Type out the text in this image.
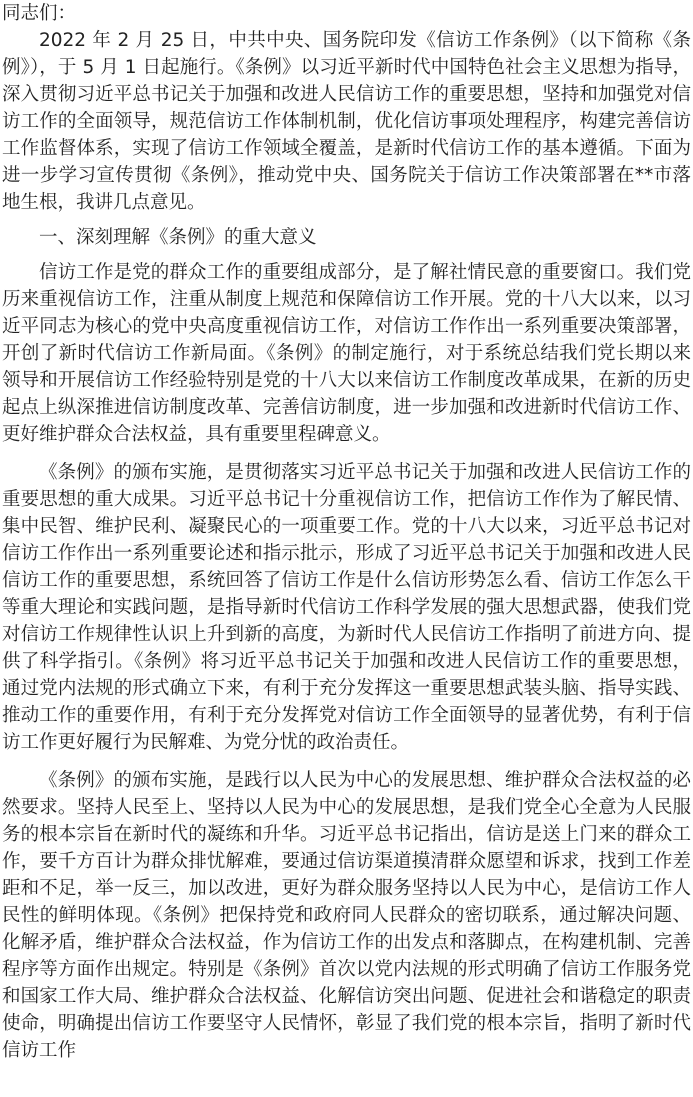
同志们：

2022 年 2 月 25 日，中共中央、国务院印发《信访工作条例》（以下简称《条例》），于 5 月 1 日起施行。《条例》以习近平新时代中国特色社会主义思想为指导，深入贯彻习近平总书记关于加强和改进人民信访工作的重要思想，坚持和加强党对信访工作的全面领导，规范信访工作体制机制，优化信访事项处理程序，构建完善信访工作监督体系，实现了信访工作领域全覆盖，是新时代信访工作的基本遵循。下面为进一步学习宣传贯彻《条例》，推动党中央、国务院关于信访工作决策部署在**市落地生根，我讲几点意见。

一、深刻理解《条例》的重大意义

信访工作是党的群众工作的重要组成部分，是了解社情民意的重要窗口。我们党历来重视信访工作，注重从制度上规范和保障信访工作开展。党的十八大以来，以习近平同志为核心的党中央高度重视信访工作，对信访工作作出一系列重要决策部署，开创了新时代信访工作新局面。《条例》的制定施行，对于系统总结我们党长期以来领导和开展信访工作经验特别是党的十八大以来信访工作制度改革成果，在新的历史起点上纵深推进信访制度改革、完善信访制度，进一步加强和改进新时代信访工作、更好维护群众合法权益，具有重要里程碑意义。

《条例》的颁布实施，是贯彻落实习近平总书记关于加强和改进人民信访工作的重要思想的重大成果。习近平总书记十分重视信访工作，把信访工作作为了解民情、集中民智、维护民利、凝聚民心的一项重要工作。党的十八大以来，习近平总书记对信访工作作出一系列重要论述和指示批示，形成了习近平总书记关于加强和改进人民信访工作的重要思想，系统回答了信访工作是什么信访形势怎么看、信访工作怎么干等重大理论和实践问题，是指导新时代信访工作科学发展的强大思想武器，使我们党对信访工作规律性认识上升到新的高度，为新时代人民信访工作指明了前进方向、提供了科学指引。《条例》将习近平总书记关于加强和改进人民信访工作的重要思想，通过党内法规的形式确立下来，有利于充分发挥这一重要思想武装头脑、指导实践、推动工作的重要作用，有利于充分发挥党对信访工作全面领导的显著优势，有利于信访工作更好履行为民解难、为党分忧的政治责任。

《条例》的颁布实施，是践行以人民为中心的发展思想、维护群众合法权益的必然要求。坚持人民至上、坚持以人民为中心的发展思想，是我们党全心全意为人民服务的根本宗旨在新时代的凝练和升华。习近平总书记指出，信访是送上门来的群众工作，要千方百计为群众排忧解难，要通过信访渠道摸清群众愿望和诉求，找到工作差距和不足，举一反三，加以改进，更好为群众服务坚持以人民为中心，是信访工作人民性的鲜明体现。《条例》把保持党和政府同人民群众的密切联系，通过解决问题、化解矛盾，维护群众合法权益，作为信访工作的出发点和落脚点，在构建机制、完善程序等方面作出规定。特别是《条例》首次以党内法规的形式明确了信访工作服务党和国家工作大局、维护群众合法权益、化解信访突出问题、促进社会和谐稳定的职责使命，明确提出信访工作要坚守人民情怀，彰显了我们党的根本宗旨，指明了新时代信访工作
